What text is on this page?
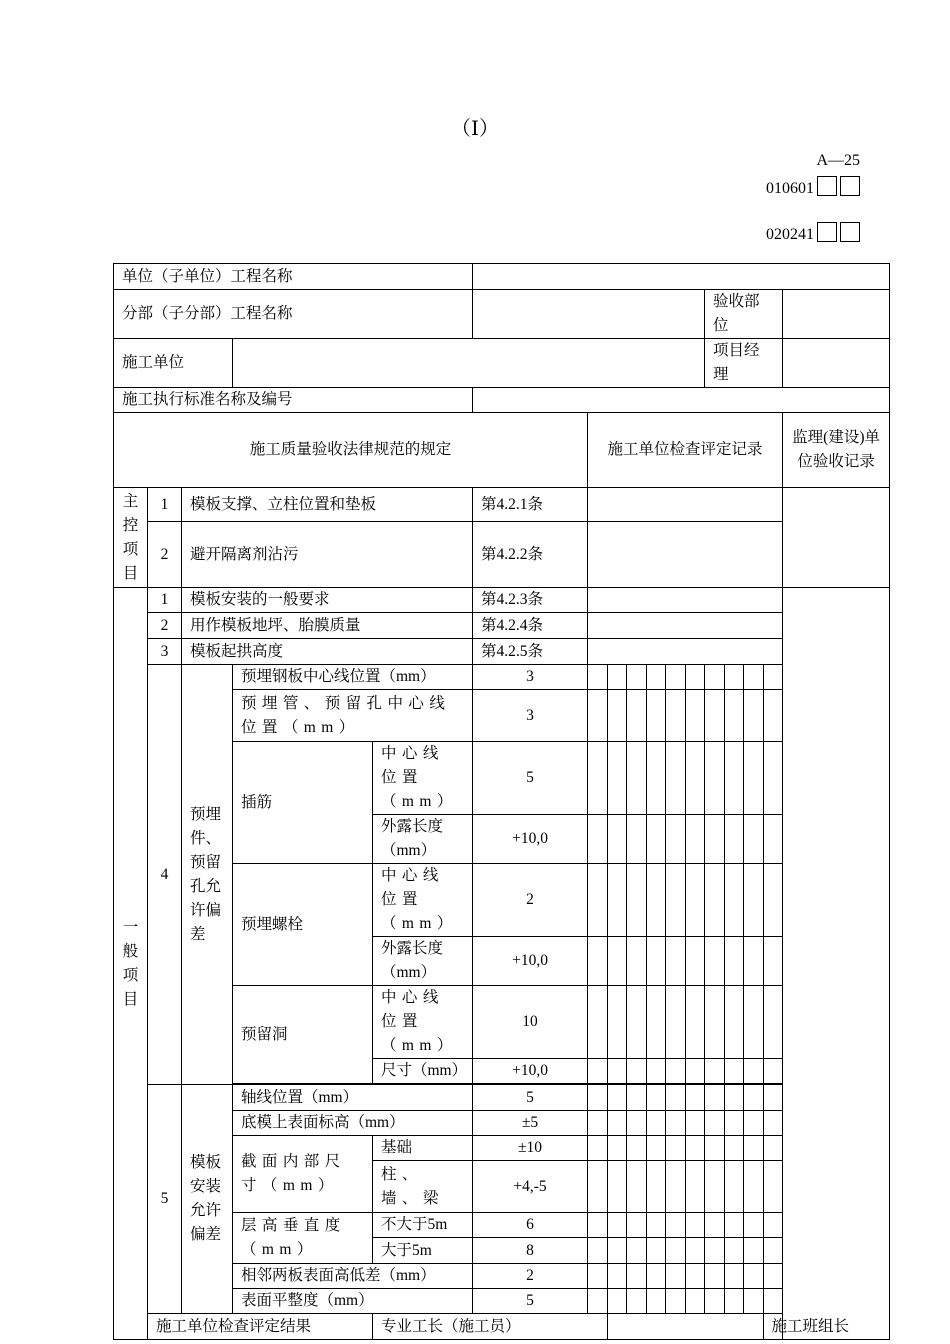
（Ⅰ）
A—25
010601
020241
单位（子单位）工程名称																	
分部（子分部）工程名称												验收部位					
施工单位												项目经理					
施工执行标准名称及编号																	
施工质量验收法律规范的规定						施工单位检查评定记录										监理(建设)单位验收记录	
主控项目	1	模板支撑、立柱位置和垫板			第4.2.1条												
	2	避开隔离剂沾污			第4.2.2条												
一般项目	1	模板安装的一般要求			第4.2.3条												
	2	用作模板地坪、胎膜质量			第4.2.4条												
	3	模板起拱高度			第4.2.5条												
	4	预埋件、预留孔允许偏差	预埋钢板中心线位置（mm）		3												
			预埋管、预留孔中心线位置（mm）		3												
			插筋	中心线位置（mm）	5												
				外露长度（mm）	+10,0												
			预埋螺栓	中心线位置（mm）	2												
				外露长度（mm）	+10,0												
			预留洞	中心线位置（mm）	10												
				尺寸（mm）	+10,0												

	5	模板安装允许偏差	轴线位置（mm）		5												
			底模上表面标高（mm）		±5												
			截面内部尺寸（mm）	基础	±10												
				柱、墙、梁	+4,-5												
			层高垂直度（mm）	不大于5m	6												
				大于5m	8												
			相邻两板表面高低差（mm）		2												
			表面平整度（mm）		5												
	施工单位检查评定结果			专业工长（施工员）											施工班组长		
